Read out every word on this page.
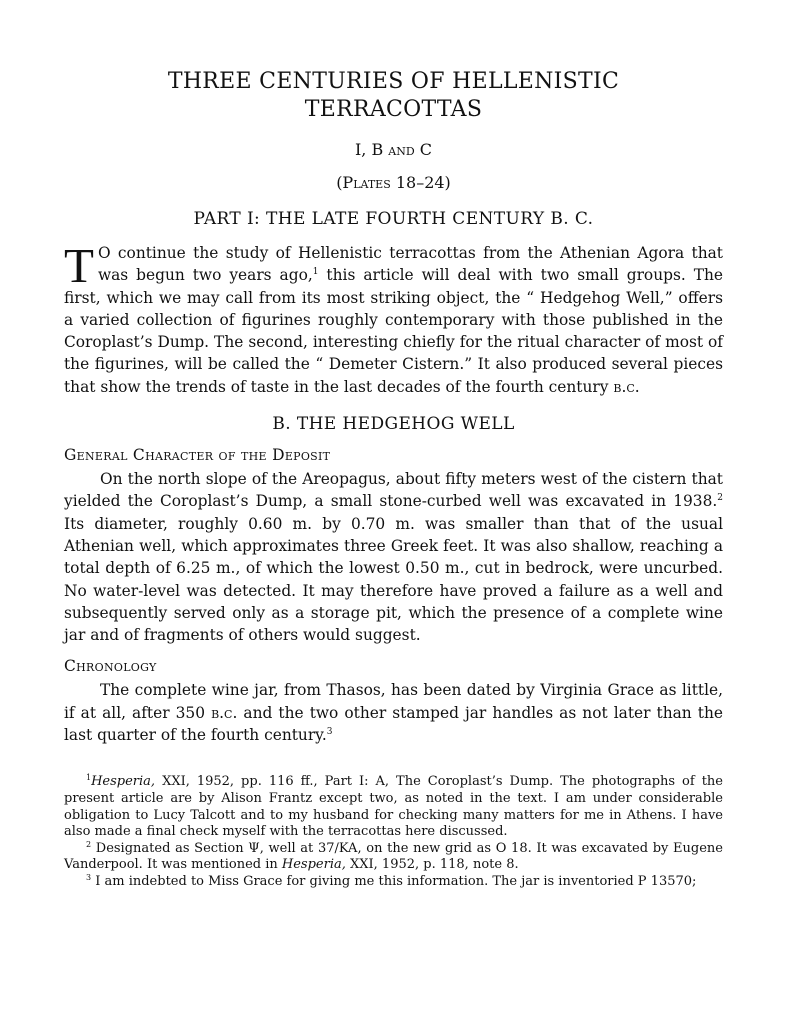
THREE CENTURIES OF HELLENISTIC
TERRACOTTAS
I, B and C
(Plates 18–24)
PART I: THE LATE FOURTH CENTURY B. C.
T O continue the study of Hellenistic terracottas from the Athenian Agora that was begun two years ago,$^1$ this article will deal with two small groups. The first, which we may call from its most striking object, the “ Hedgehog Well,” offers a varied collection of figurines roughly contemporary with those published in the Coroplast’s Dump. The second, interesting chiefly for the ritual character of most of the figurines, will be called the “ Demeter Cistern.” It also produced several pieces that show the trends of taste in the last decades of the fourth century b.c.
B. THE HEDGEHOG WELL
General Character of the Deposit
On the north slope of the Areopagus, about fifty meters west of the cistern that yielded the Coroplast’s Dump, a small stone-curbed well was excavated in 1938.$^2$ Its diameter, roughly 0.60 m. by 0.70 m. was smaller than that of the usual Athenian well, which approximates three Greek feet. It was also shallow, reaching a total depth of 6.25 m., of which the lowest 0.50 m., cut in bedrock, were uncurbed. No water-level was detected. It may therefore have proved a failure as a well and subsequently served only as a storage pit, which the presence of a complete wine jar and of fragments of others would suggest.
Chronology
The complete wine jar, from Thasos, has been dated by Virginia Grace as little, if at all, after 350 b.c. and the two other stamped jar handles as not later than the last quarter of the fourth century.$^3$

$^1$Hesperia, XXI, 1952, pp. 116 ff., Part I: A, The Coroplast’s Dump. The photographs of the present article are by Alison Frantz except two, as noted in the text. I am under considerable obligation to Lucy Talcott and to my husband for checking many matters for me in Athens. I have also made a final check myself with the terracottas here discussed.

$^2$ Designated as Section Ψ, well at 37/KA, on the new grid as O 18. It was excavated by Eugene Vanderpool. It was mentioned in Hesperia, XXI, 1952, p. 118, note 8.

$^3$ I am indebted to Miss Grace for giving me this information. The jar is inventoried P 13570;
